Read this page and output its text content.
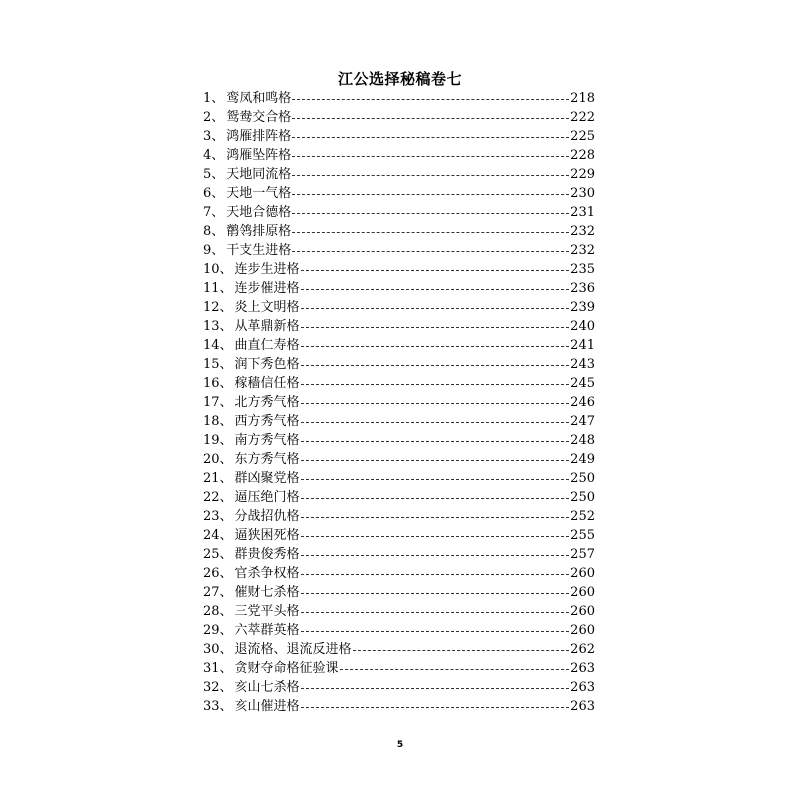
江公选择秘稿卷七
1、 鸾凤和鸣格	218
2、 鸳鸯交合格	222
3、 鸿雁排阵格	225
4、 鸿雁坠阵格	228
5、 天地同流格	229
6、 天地一气格	230
7、 天地合德格	231
8、 鹡鸰排原格	232
9、 干支生进格	232
10、 连步生进格	235
11、 连步催进格	236
12、 炎上文明格	239
13、 从革鼎新格	240
14、 曲直仁寿格	241
15、 润下秀色格	243
16、 稼穑信任格	245
17、 北方秀气格	246
18、 西方秀气格	247
19、 南方秀气格	248
20、 东方秀气格	249
21、 群凶聚党格	250
22、 逼压绝门格	250
23、 分战招仇格	252
24、 逼狭困死格	255
25、 群贵俊秀格	257
26、 官杀争权格	260
27、 催财七杀格	260
28、 三党平头格	260
29、 六萃群英格	260
30、 退流格、退流反进格	262
31、 贪财夺命格征验课	263
32、 亥山七杀格	263
33、 亥山催进格	263
5
